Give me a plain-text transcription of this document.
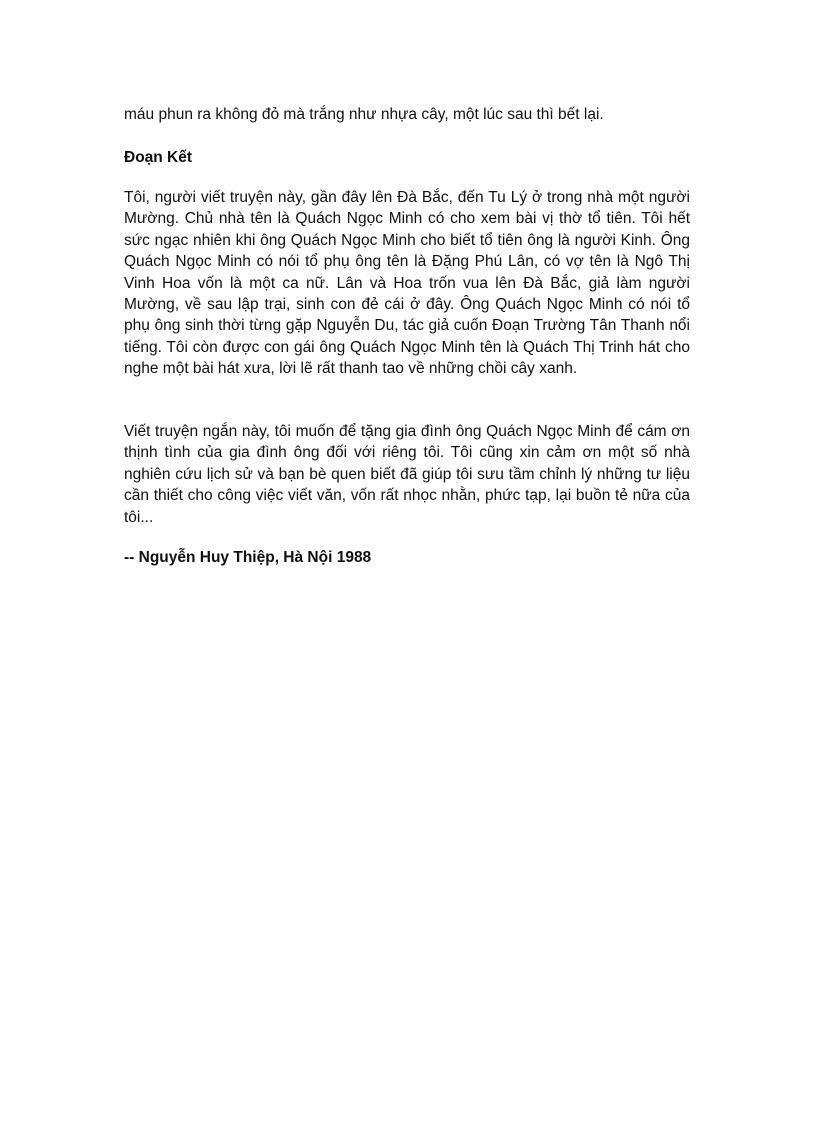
máu phun ra không đỏ mà trắng như nhựa cây, một lúc sau thì bết lại.

Đoạn Kết

Tôi, người viết truyện này, gần đây lên Đà Bắc, đến Tu Lý ở trong nhà một người Mường. Chủ nhà tên là Quách Ngọc Minh có cho xem bài vị thờ tổ tiên. Tôi hết sức ngạc nhiên khi ông Quách Ngọc Minh cho biết tổ tiên ông là người Kinh. Ông Quách Ngọc Minh có nói tổ phụ ông tên là Đặng Phú Lân, có vợ tên là Ngô Thị Vinh Hoa vốn là một ca nữ. Lân và Hoa trốn vua lên Đà Bắc, giả làm người Mường, về sau lập trại, sinh con đẻ cái ở đây. Ông Quách Ngọc Minh có nói tổ phụ ông sinh thời từng gặp Nguyễn Du, tác giả cuốn Đoạn Trường Tân Thanh nổi tiếng. Tôi còn được con gái ông Quách Ngọc Minh tên là Quách Thị Trinh hát cho nghe một bài hát xưa, lời lẽ rất thanh tao về những chồi cây xanh.

Viết truyện ngắn này, tôi muốn để tặng gia đình ông Quách Ngọc Minh để cám ơn thịnh tình của gia đình ông đối với riêng tôi. Tôi cũng xin cảm ơn một số nhà nghiên cứu lịch sử và bạn bè quen biết đã giúp tôi sưu tầm chỉnh lý những tư liệu cần thiết cho công việc viết văn, vốn rất nhọc nhằn, phức tạp, lại buồn tẻ nữa của tôi...

-- Nguyễn Huy Thiệp, Hà Nội 1988
